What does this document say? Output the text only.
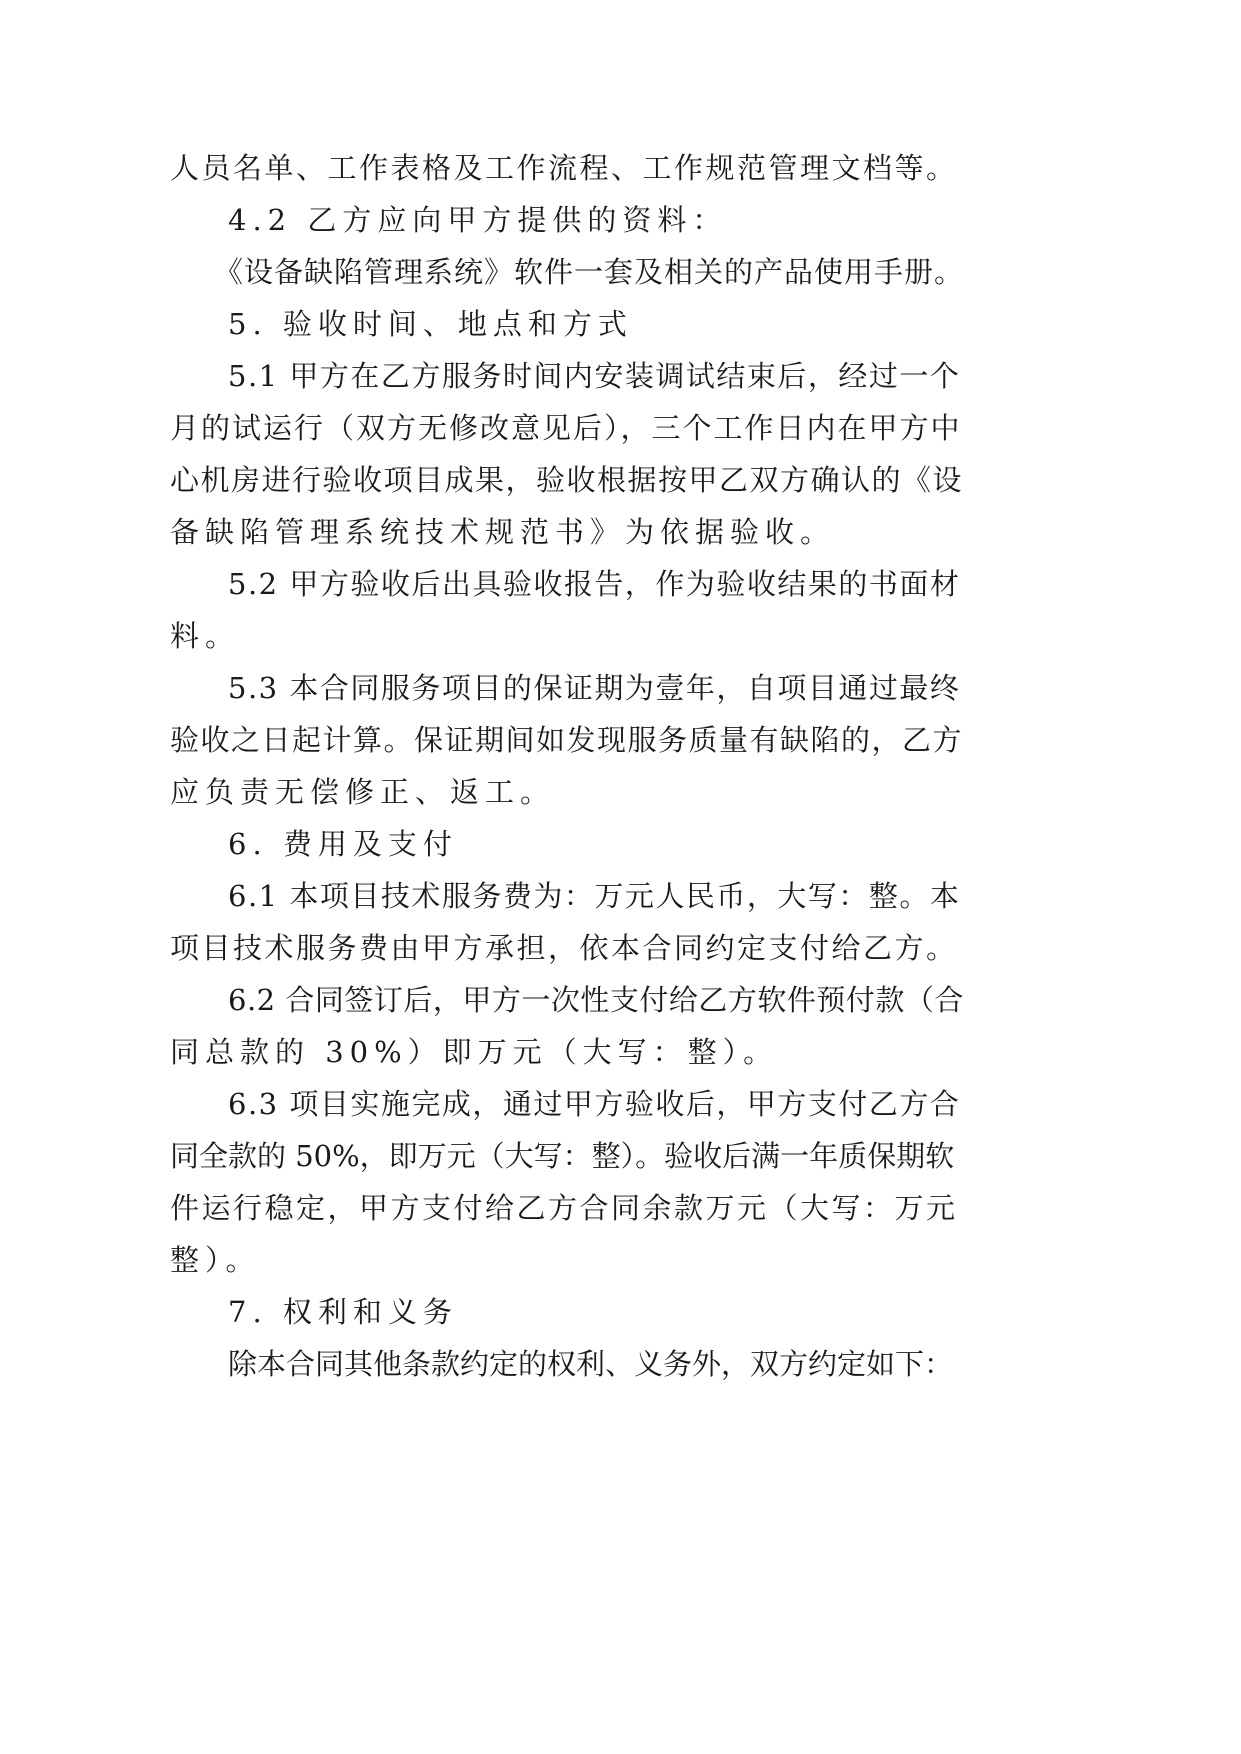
人员名单、工作表格及工作流程、工作规范管理文档等。

4.2 乙方应向甲方提供的资料：

《设备缺陷管理系统》软件一套及相关的产品使用手册。

5. 验收时间、地点和方式

5.1 甲方在乙方服务时间内安装调试结束后，经过一个

月的试运行（双方无修改意见后），三个工作日内在甲方中

心机房进行验收项目成果，验收根据按甲乙双方确认的《设

备缺陷管理系统技术规范书》为依据验收。

5.2 甲方验收后出具验收报告，作为验收结果的书面材

料。

5.3 本合同服务项目的保证期为壹年，自项目通过最终

验收之日起计算。保证期间如发现服务质量有缺陷的，乙方

应负责无偿修正、返工。

6. 费用及支付

6.1 本项目技术服务费为：万元人民币，大写：整。本

项目技术服务费由甲方承担，依本合同约定支付给乙方。

6.2 合同签订后，甲方一次性支付给乙方软件预付款（合

同总款的 30%）即万元（大写：整）。

6.3 项目实施完成，通过甲方验收后，甲方支付乙方合

同全款的 50%，即万元（大写：整）。验收后满一年质保期软

件运行稳定，甲方支付给乙方合同余款万元（大写：万元

整）。

7. 权利和义务

除本合同其他条款约定的权利、义务外，双方约定如下：
